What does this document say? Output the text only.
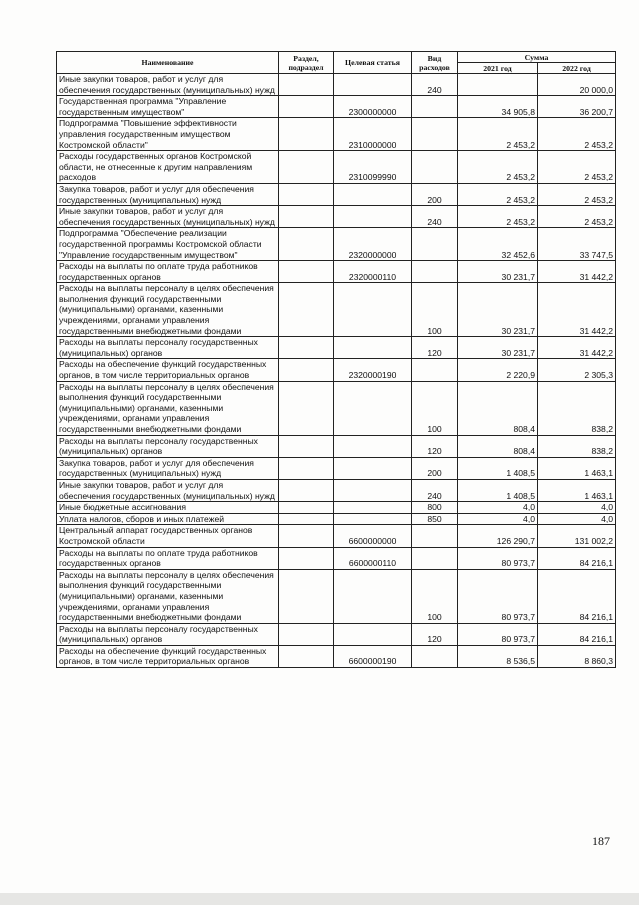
Наименование	Раздел, подраздел	Целевая статья	Вид расходов	Сумма	
				2021 год	2022 год
Иные закупки товаров, работ и услуг для обеспечения государственных (муниципальных) нужд			240		20 000,0
Государственная программа "Управление государственным имуществом"		2300000000		34 905,8	36 200,7
Подпрограмма "Повышение эффективности управления государственным имуществом Костромской области"		2310000000		2 453,2	2 453,2
Расходы государственных органов Костромской области, не отнесенные к другим направлениям расходов		2310099990		2 453,2	2 453,2
Закупка товаров, работ и услуг для обеспечения государственных (муниципальных) нужд			200	2 453,2	2 453,2
Иные закупки товаров, работ и услуг для обеспечения государственных (муниципальных) нужд			240	2 453,2	2 453,2
Подпрограмма "Обеспечение реализации государственной программы Костромской области "Управление государственным имуществом"		2320000000		32 452,6	33 747,5
Расходы на выплаты по оплате труда работников государственных органов		2320000110		30 231,7	31 442,2
Расходы на выплаты персоналу в целях обеспечения выполнения функций государственными (муниципальными) органами, казенными учреждениями, органами управления государственными внебюджетными фондами			100	30 231,7	31 442,2
Расходы на выплаты персоналу государственных (муниципальных) органов			120	30 231,7	31 442,2
Расходы на обеспечение функций государственных органов, в том числе территориальных органов		2320000190		2 220,9	2 305,3
Расходы на выплаты персоналу в целях обеспечения выполнения функций государственными (муниципальными) органами, казенными учреждениями, органами управления государственными внебюджетными фондами			100	808,4	838,2
Расходы на выплаты персоналу государственных (муниципальных) органов			120	808,4	838,2
Закупка товаров, работ и услуг для обеспечения государственных (муниципальных) нужд			200	1 408,5	1 463,1
Иные закупки товаров, работ и услуг для обеспечения государственных (муниципальных) нужд			240	1 408,5	1 463,1
Иные бюджетные ассигнования			800	4,0	4,0
Уплата налогов, сборов и иных платежей			850	4,0	4,0
Центральный аппарат государственных органов Костромской области		6600000000		126 290,7	131 002,2
Расходы на выплаты по оплате труда работников государственных органов		6600000110		80 973,7	84 216,1
Расходы на выплаты персоналу в целях обеспечения выполнения функций государственными (муниципальными) органами, казенными учреждениями, органами управления государственными внебюджетными фондами			100	80 973,7	84 216,1
Расходы на выплаты персоналу государственных (муниципальных) органов			120	80 973,7	84 216,1
Расходы на обеспечение функций государственных органов, в том числе территориальных органов		6600000190		8 536,5	8 860,3
187
